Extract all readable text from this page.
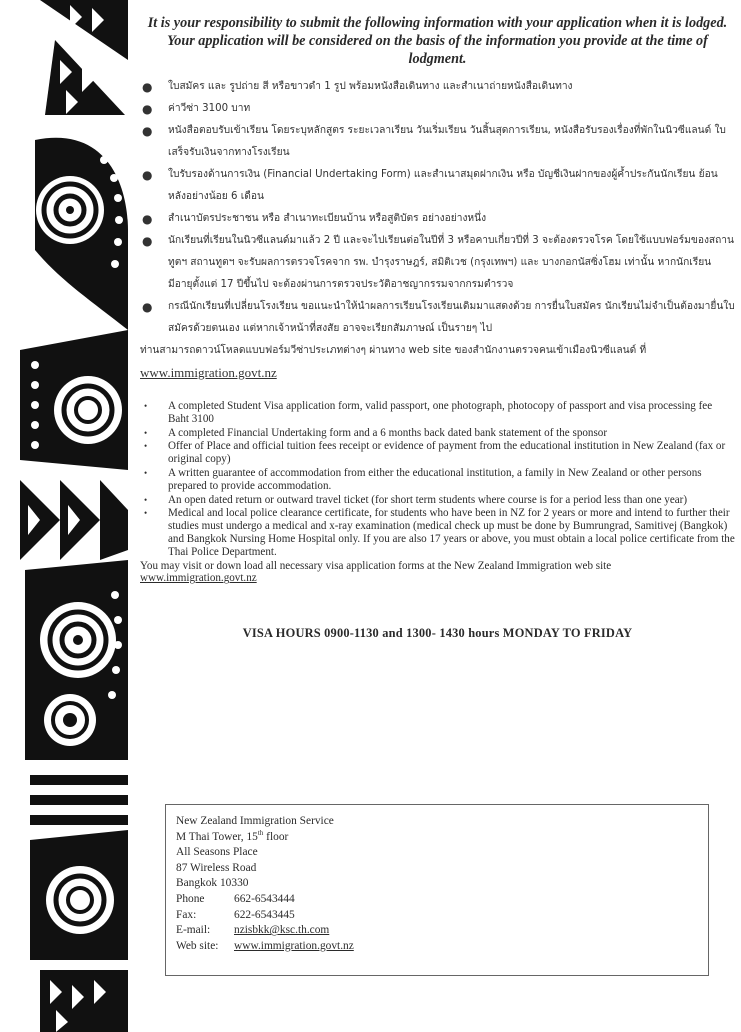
It is your responsibility to submit the following information with your application when it is lodged. Your application will be considered on the basis of the information you provide at the time of lodgment.

● ใบสมัคร และ รูปถ่าย สี หรือขาวดำ 1 รูป พร้อมหนังสือเดินทาง และสำเนาถ่ายหนังสือเดินทาง
● ค่าวีซ่า 3100 บาท
● หนังสือตอบรับเข้าเรียน โดยระบุหลักสูตร ระยะเวลาเรียน วันเริ่มเรียน วันสิ้นสุดการเรียน, หนังสือรับรองเรื่องที่พักในนิวซีแลนด์ ใบเสร็จรับเงินจากทางโรงเรียน
● ใบรับรองด้านการเงิน (Financial Undertaking Form) และสำเนาสมุดฝากเงิน หรือ บัญชีเงินฝากของผู้ค้ำประกันนักเรียน ย้อนหลังอย่างน้อย 6 เดือน
● สำเนาบัตรประชาชน หรือ สำเนาทะเบียนบ้าน หรือสูติบัตร อย่างอย่างหนึ่ง
● นักเรียนที่เรียนในนิวซีแลนด์มาแล้ว 2 ปี และจะไปเรียนต่อในปีที่ 3 หรือคาบเกี่ยวปีที่ 3 จะต้องตรวจโรค โดยใช้แบบฟอร์มของสถานทูตฯ สถานทูตฯ จะรับผลการตรวจโรคจาก รพ. บำรุงราษฎร์, สมิติเวช (กรุงเทพฯ) และ บางกอกนัสซิ่งโฮม เท่านั้น หากนักเรียนมีอายุตั้งแต่ 17 ปีขึ้นไป จะต้องผ่านการตรวจประวัติอาชญากรรมจากกรมตำรวจ
● กรณีนักเรียนที่เปลี่ยนโรงเรียน ขอแนะนำให้นำผลการเรียนโรงเรียนเดิมมาแสดงด้วย การยื่นใบสมัคร นักเรียนไม่จำเป็นต้องมายื่นใบสมัครด้วยตนเอง แต่หากเจ้าหน้าที่สงสัย อาจจะเรียกสัมภาษณ์ เป็นรายๆ ไป

ท่านสามารถดาวน์โหลดแบบฟอร์มวีซ่าประเภทต่างๆ ผ่านทาง web site ของสำนักงานตรวจคนเข้าเมืองนิวซีแลนด์ ที่ www.immigration.govt.nz

• A completed Student Visa application form, valid passport, one photograph, photocopy of passport and visa processing fee Baht 3100
• A completed Financial Undertaking form and a 6 months back dated bank statement of the sponsor
• Offer of Place and official tuition fees receipt or evidence of payment from the educational institution in New Zealand (fax or original copy)
• A written guarantee of accommodation from either the educational institution, a family in New Zealand or other persons prepared to provide accommodation.
• An open dated return or outward travel ticket (for short term students where course is for a period less than one year)
• Medical and local police clearance certificate, for students who have been in NZ for 2 years or more and intend to further their studies must undergo a medical and x-ray examination (medical check up must be done by Bumrungrad, Samitivej (Bangkok) and Bangkok Nursing Home Hospital only. If you are also 17 years or above, you must obtain a local police certificate from the Thai Police Department.

You may visit or down load all necessary visa application forms at the New Zealand Immigration web site
www.immigration.govt.nz

VISA HOURS 0900-1130 and 1300- 1430 hours MONDAY TO FRIDAY
New Zealand Immigration Service
M Thai Tower, 15th floor
All Seasons Place
87 Wireless Road
Bangkok 10330
Phone	662-6543444
Fax:	622-6543445
E-mail: nzisbkk@ksc.th.com
Web site: www.immigration.govt.nz
